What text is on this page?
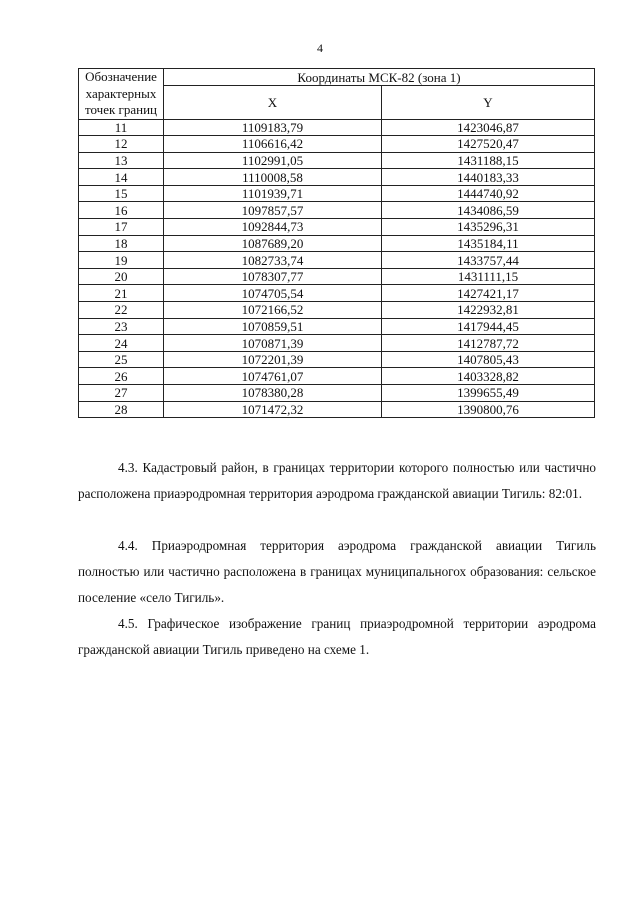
4
Обозначение характерных точек границ	Координаты МСК-82 (зона 1)	
	X	Y
11	1109183,79	1423046,87
12	1106616,42	1427520,47
13	1102991,05	1431188,15
14	1110008,58	1440183,33
15	1101939,71	1444740,92
16	1097857,57	1434086,59
17	1092844,73	1435296,31
18	1087689,20	1435184,11
19	1082733,74	1433757,44
20	1078307,77	1431111,15
21	1074705,54	1427421,17
22	1072166,52	1422932,81
23	1070859,51	1417944,45
24	1070871,39	1412787,72
25	1072201,39	1407805,43
26	1074761,07	1403328,82
27	1078380,28	1399655,49
28	1071472,32	1390800,76
4.3. Кадастровый район, в границах территории которого полностью или частично расположена приаэродромная территория аэродрома гражданской авиации Тигиль: 82:01.
4.4. Приаэродромная территория аэродрома гражданской авиации Тигиль полностью или частично расположена в границах муниципальногох образования: сельское поселение «село Тигиль».
4.5. Графическое изображение границ приаэродромной территории аэродрома гражданской авиации Тигиль приведено на схеме 1.
